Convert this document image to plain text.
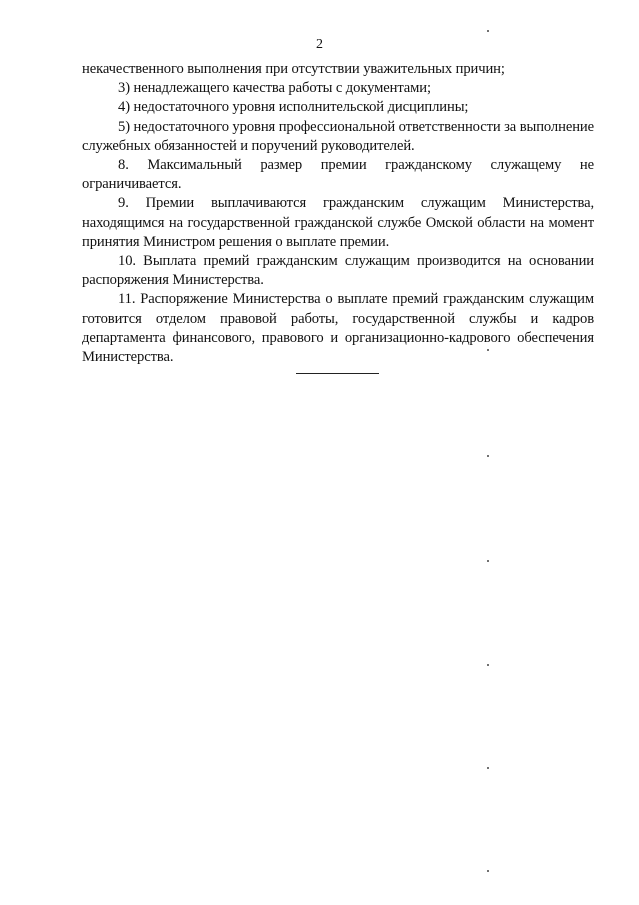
2

некачественного выполнения при отсутствии уважительных причин;

3) ненадлежащего качества работы с документами;

4) недостаточного уровня исполнительской дисциплины;

5) недостаточного уровня профессиональной ответственности за выполнение служебных обязанностей и поручений руководителей.

8. Максимальный размер премии гражданскому служащему не ограничивается.

9. Премии выплачиваются гражданским служащим Министерства, находящимся на государственной гражданской службе Омской области на момент принятия Министром решения о выплате премии.

10. Выплата премий гражданским служащим производится на основании распоряжения Министерства.

11. Распоряжение Министерства о выплате премий гражданским служащим готовится отделом правовой работы, государственной службы и кадров департамента финансового, правового и организационно-кадрового обеспечения Министерства.
